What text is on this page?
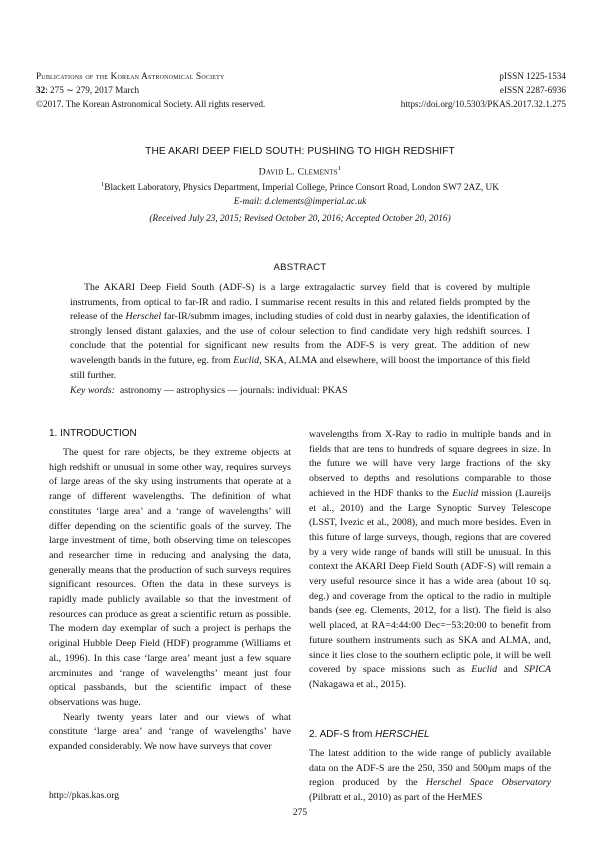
Publications of the Korean Astronomical Society
32: 275 ∼ 279, 2017 March
©2017. The Korean Astronomical Society. All rights reserved.
pISSN 1225-1534
eISSN 2287-6936
https://doi.org/10.5303/PKAS.2017.32.1.275
THE AKARI DEEP FIELD SOUTH: PUSHING TO HIGH REDSHIFT
David L. Clements$^1$
$^1$Blackett Laboratory, Physics Department, Imperial College, Prince Consort Road, London SW7 2AZ, UK
E-mail: d.clements@imperial.ac.uk
(Received July 23, 2015; Revised October 20, 2016; Accepted October 20, 2016)
ABSTRACT

The AKARI Deep Field South (ADF-S) is a large extragalactic survey field that is covered by multiple instruments, from optical to far-IR and radio. I summarise recent results in this and related fields prompted by the release of the Herschel far-IR/submm images, including studies of cold dust in nearby galaxies, the identification of strongly lensed distant galaxies, and the use of colour selection to find candidate very high redshift sources. I conclude that the potential for significant new results from the ADF-S is very great. The addition of new wavelength bands in the future, eg. from Euclid, SKA, ALMA and elsewhere, will boost the importance of this field still further.

Key words: astronomy — astrophysics — journals: individual: PKAS
1. INTRODUCTION

The quest for rare objects, be they extreme objects at high redshift or unusual in some other way, requires surveys of large areas of the sky using instruments that operate at a range of different wavelengths. The definition of what constitutes ‘large area’ and a ‘range of wavelengths’ will differ depending on the scientific goals of the survey. The large investment of time, both observing time on telescopes and researcher time in reducing and analysing the data, generally means that the production of such surveys requires significant resources. Often the data in these surveys is rapidly made publicly available so that the investment of resources can produce as great a scientific return as possible. The modern day exemplar of such a project is perhaps the original Hubble Deep Field (HDF) programme (Williams et al., 1996). In this case ‘large area’ meant just a few square arcminutes and ‘range of wavelengths’ meant just four optical passbands, but the scientific impact of these observations was huge.

Nearly twenty years later and our views of what constitute ‘large area’ and ‘range of wavelengths’ have expanded considerably. We now have surveys that cover

wavelengths from X-Ray to radio in multiple bands and in fields that are tens to hundreds of square degrees in size. In the future we will have very large fractions of the sky observed to depths and resolutions comparable to those achieved in the HDF thanks to the Euclid mission (Laureijs et al., 2010) and the Large Synoptic Survey Telescope (LSST, Ivezic et al., 2008), and much more besides. Even in this future of large surveys, though, regions that are covered by a very wide range of bands will still be unusual. In this context the AKARI Deep Field South (ADF-S) will remain a very useful resource since it has a wide area (about 10 sq. deg.) and coverage from the optical to the radio in multiple bands (see eg. Clements, 2012, for a list). The field is also well placed, at RA=4:44:00 Dec=−53:20:00 to benefit from future southern instruments such as SKA and ALMA, and, since it lies close to the southern ecliptic pole, it will be well covered by space missions such as Euclid and SPICA (Nakagawa et al., 2015).

2. ADF-S from HERSCHEL

The latest addition to the wide range of publicly available data on the ADF-S are the 250, 350 and 500μm maps of the region produced by the Herschel Space Observatory (Pilbratt et al., 2010) as part of the HerMES

http://pkas.kas.org
275
